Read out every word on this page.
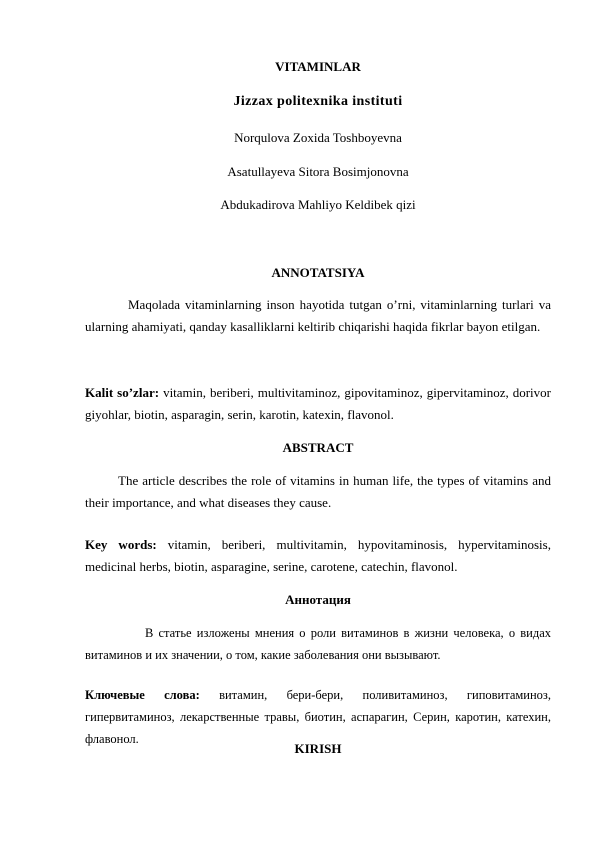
VITAMINLAR
Jizzax politexnika instituti
Norqulova Zoxida Toshboyevna
Asatullayeva Sitora Bosimjonovna
Abdukadirova Mahliyo Keldibek qizi
ANNOTATSIYA
Maqolada vitaminlarning inson hayotida tutgan o’rni, vitaminlarning turlari va ularning ahamiyati, qanday kasalliklarni keltirib chiqarishi haqida fikrlar bayon etilgan.
Kalit so’zlar: vitamin, beriberi, multivitaminoz, gipovitaminoz, gipervitaminoz, dorivor giyohlar, biotin, asparagin, serin, karotin, katexin, flavonol.
ABSTRACT
The article describes the role of vitamins in human life, the types of vitamins and their importance, and what diseases they cause.
Key words: vitamin, beriberi, multivitamin, hypovitaminosis, hypervitaminosis, medicinal herbs, biotin, asparagine, serine, carotene, catechin, flavonol.
Аннотация
В статье изложены мнения о роли витаминов в жизни человека, о видах витаминов и их значении, о том, какие заболевания они вызывают.
Ключевые слова: витамин, бери-бери, поливитаминоз, гиповитаминоз, гипервитаминоз, лекарственные травы, биотин, аспарагин, Серин, каротин, катехин, флавонол.
KIRISH
